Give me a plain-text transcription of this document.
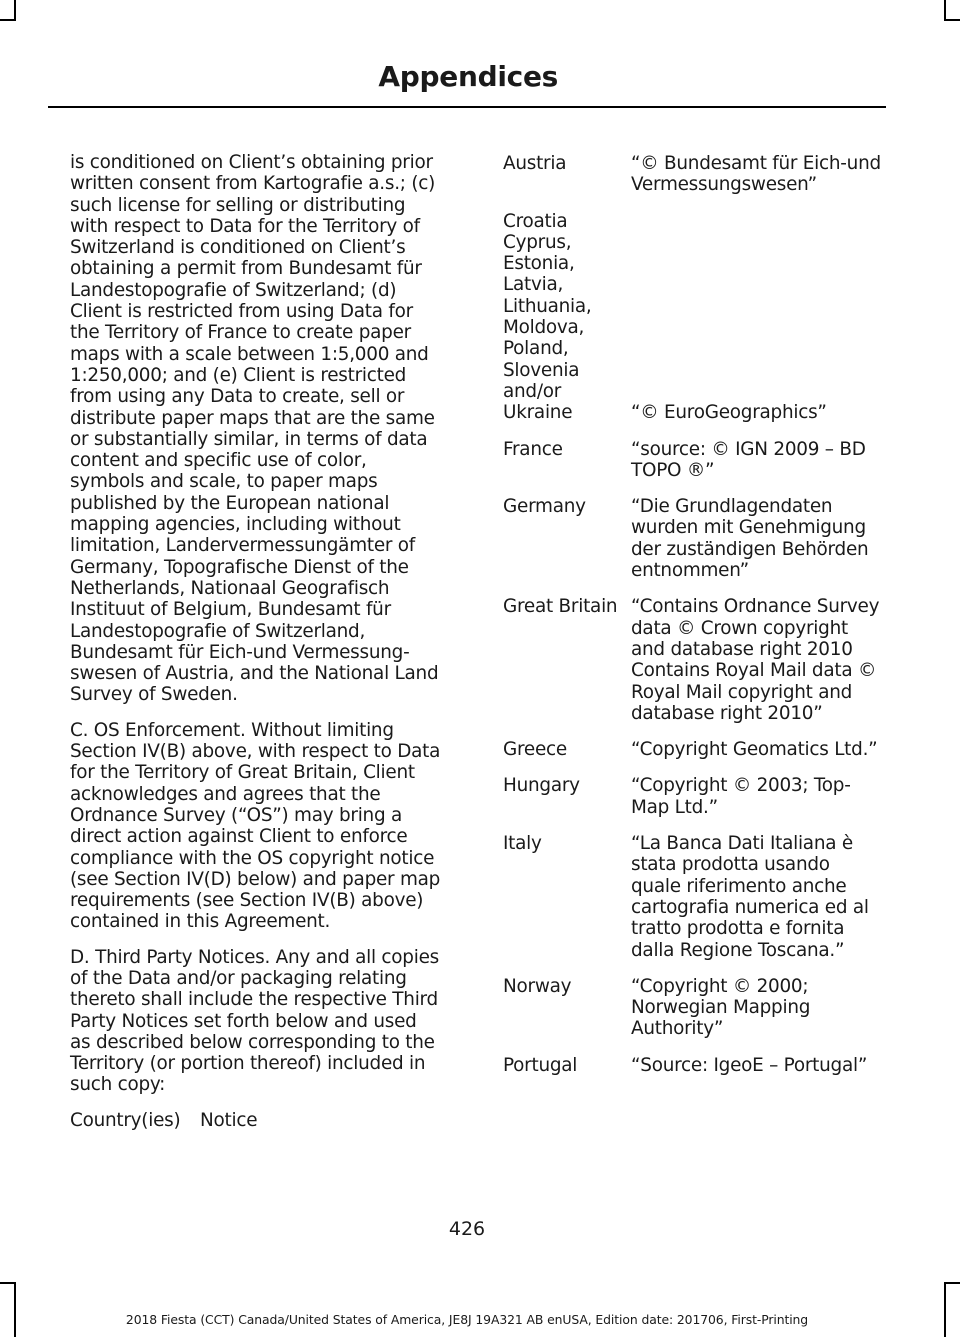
Appendices

is conditioned on Client’s obtaining prior written consent from Kartografie a.s.; (c) such license for selling or distributing with respect to Data for the Territory of Switzerland is conditioned on Client’s obtaining a permit from Bundesamt für Landestopografie of Switzerland; (d) Client is restricted from using Data for the Territory of France to create paper maps with a scale between 1:5,000 and 1:250,000; and (e) Client is restricted from using any Data to create, sell or distribute paper maps that are the same or substantially similar, in terms of data content and specific use of color, symbols and scale, to paper maps published by the European national mapping agencies, including without limitation, Landervermessungämter of Germany, Topografische Dienst of the Netherlands, Nationaal Geografisch Instituut of Belgium, Bundesamt für Landestopografie of Switzerland, Bundesamt für Eich-und Vermessung-swesen of Austria, and the National Land Survey of Sweden.

C. OS Enforcement. Without limiting Section IV(B) above, with respect to Data for the Territory of Great Britain, Client acknowledges and agrees that the Ordnance Survey (“OS”) may bring a direct action against Client to enforce compliance with the OS copyright notice (see Section IV(D) below) and paper map requirements (see Section IV(B) above) contained in this Agreement.

D. Third Party Notices. Any and all copies of the Data and/or packaging relating thereto shall include the respective Third Party Notices set forth below and used as described below corresponding to the Territory (or portion thereof) included in such copy:

Country(ies)	Notice
Austria	“© Bundesamt für Eich-und Vermessungswesen”
Croatia
Cyprus,
Estonia,
Latvia,
Lithuania,
Moldova,
Poland,
Slovenia
and/or
Ukraine	“© EuroGeographics”
France	“source: © IGN 2009 – BD TOPO ®”
Germany	“Die Grundlagendaten wurden mit Genehmigung der zuständigen Behörden entnommen”
Great Britain “Contains Ordnance Survey data © Crown copyright and database right 2010 Contains Royal Mail data © Royal Mail copyright and database right 2010”
Greece	“Copyright Geomatics Ltd.”
Hungary	“Copyright © 2003; Top-Map Ltd.”
Italy	“La Banca Dati Italiana è stata prodotta usando quale riferimento anche cartografia numerica ed al tratto prodotta e fornita dalla Regione Toscana.”
Norway	“Copyright © 2000; Norwegian Mapping Authority”
Portugal	“Source: IgeoE – Portugal”
426
2018 Fiesta (CCT) Canada/United States of America, JE8J 19A321 AB enUSA, Edition date: 201706, First-Printing
